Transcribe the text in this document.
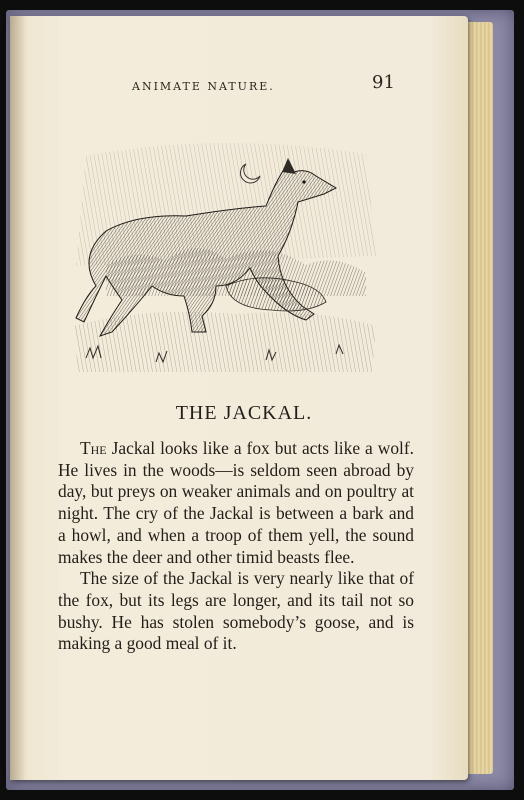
ANIMATE NATURE.	91
THE JACKAL.

The Jackal looks like a fox but acts like a wolf. He lives in the woods—is seldom seen abroad by day, but preys on weaker animals and on poultry at night. The cry of the Jackal is between a bark and a howl, and when a troop of them yell, the sound makes the deer and other timid beasts flee.

The size of the Jackal is very nearly like that of the fox, but its legs are longer, and its tail not so bushy. He has stolen somebody’s goose, and is making a good meal of it.
